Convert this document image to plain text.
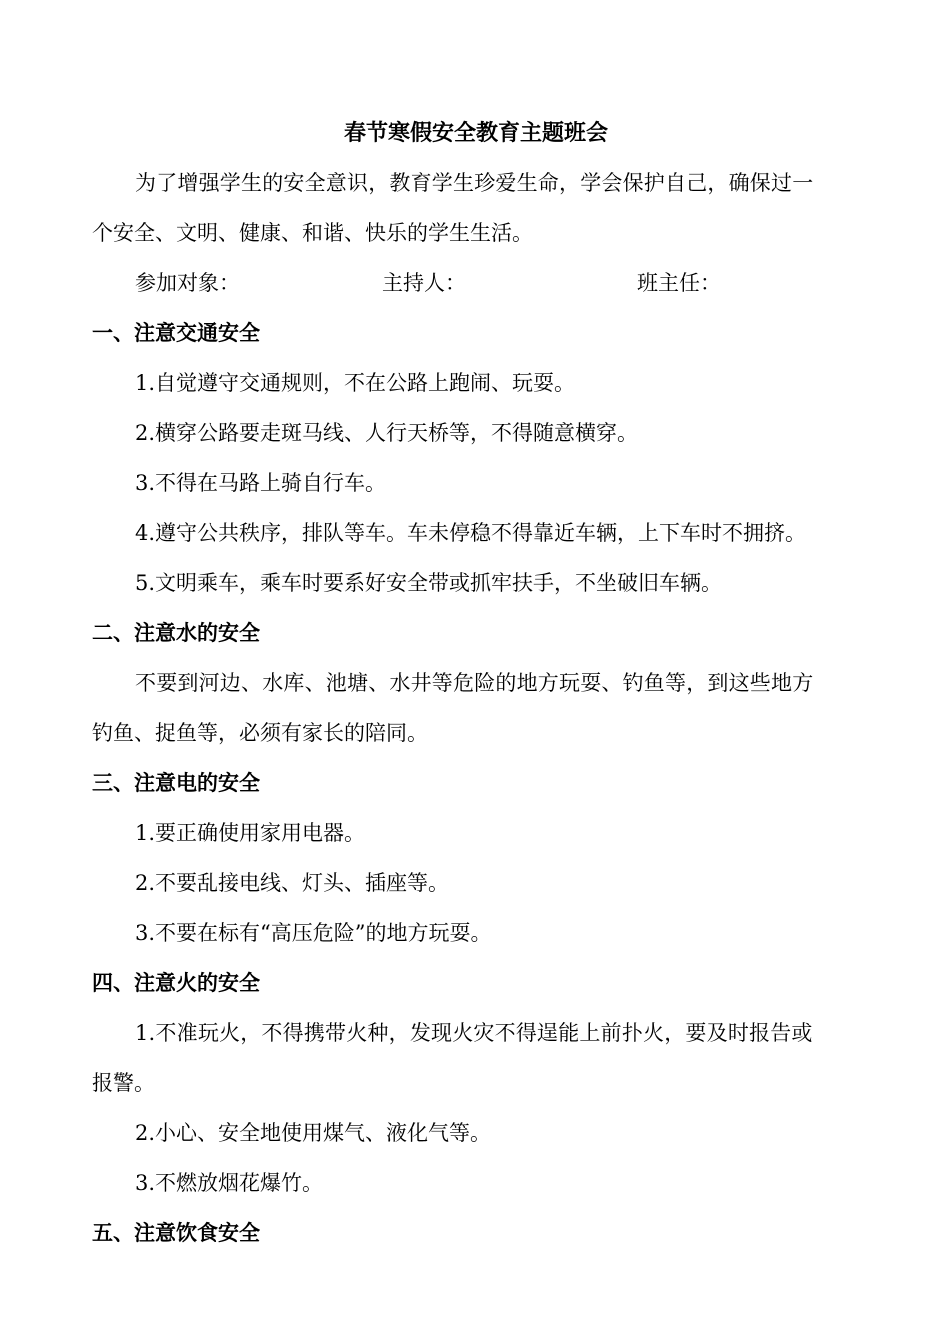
春节寒假安全教育主题班会
为了增强学生的安全意识，教育学生珍爱生命，学会保护自己，确保过一
个安全、文明、健康、和谐、快乐的学生生活。
参加对象：	主持人：	班主任：
一、注意交通安全
1.自觉遵守交通规则，不在公路上跑闹、玩耍。
2.横穿公路要走斑马线、人行天桥等，不得随意横穿。
3.不得在马路上骑自行车。
4.遵守公共秩序，排队等车。车未停稳不得靠近车辆，上下车时不拥挤。
5.文明乘车，乘车时要系好安全带或抓牢扶手，不坐破旧车辆。
二、注意水的安全
不要到河边、水库、池塘、水井等危险的地方玩耍、钓鱼等，到这些地方
钓鱼、捉鱼等，必须有家长的陪同。
三、注意电的安全
1.要正确使用家用电器。
2.不要乱接电线、灯头、插座等。
3.不要在标有“高压危险”的地方玩耍。
四、注意火的安全
1.不准玩火，不得携带火种，发现火灾不得逞能上前扑火，要及时报告或
报警。
2.小心、安全地使用煤气、液化气等。
3.不燃放烟花爆竹。
五、注意饮食安全
